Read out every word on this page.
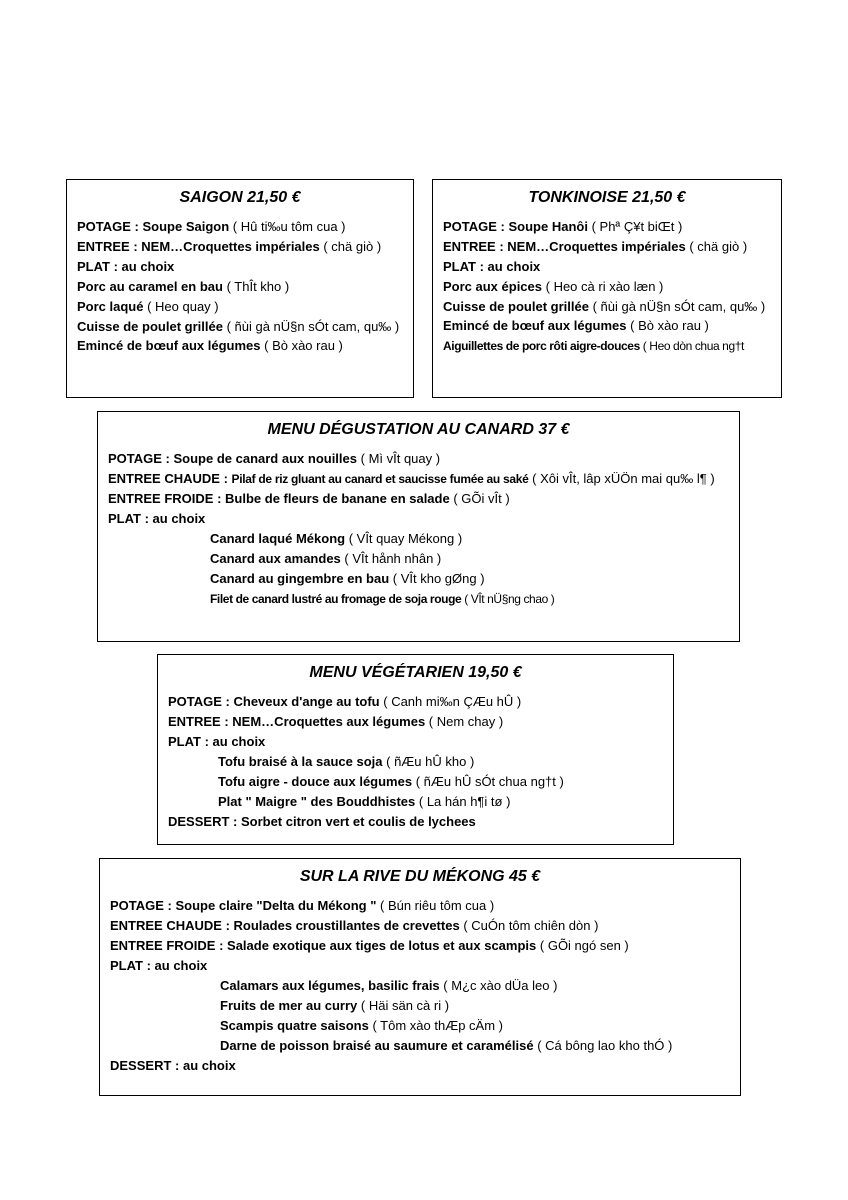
SAIGON 21,50 €
POTAGE : Soupe Saigon ( Hû ti‰u tôm cua )
ENTREE : NEM…Croquettes impériales ( chä giò )
PLAT : au choix
Porc au caramel en bau ( ThÎt kho )
Porc laqué ( Heo quay )
Cuisse de poulet grillée ( ñùi gà nÜ§n sÓt cam, qu‰ )
Emincé de bœuf aux légumes ( Bò xào rau )
TONKINOISE 21,50 €
POTAGE : Soupe Hanôi ( Phª Ç¥t biŒt )
ENTREE : NEM…Croquettes impériales ( chä giò )
PLAT : au choix
Porc aux épices ( Heo cà ri xào læn )
Cuisse de poulet grillée ( ñùi gà nÜ§n sÓt cam, qu‰ )
Emincé de bœuf aux légumes ( Bò xào rau )
Aiguillettes de porc rôti aigre-douces ( Heo dòn chua ng†t
MENU DÉGUSTATION AU CANARD 37 €
POTAGE : Soupe de canard aux nouilles ( Mì vÎt quay )
ENTREE CHAUDE : Pilaf de riz gluant au canard et saucisse fumée au saké ( Xôi vÎt, lâp xÜÖn mai qu‰ l¶ )
ENTREE FROIDE : Bulbe de fleurs de banane en salade ( GÕi vÎt )
PLAT : au choix
Canard laqué Mékong ( VÎt quay Mékong )
Canard aux amandes ( VÎt hånh nhân )
Canard au gingembre en bau ( VÎt kho gØng )
Filet de canard lustré au fromage de soja rouge ( VÎt nÜ§ng chao )
MENU VÉGÉTARIEN 19,50 €
POTAGE : Cheveux d'ange au tofu ( Canh mi‰n ÇÆu hÛ )
ENTREE : NEM…Croquettes aux légumes ( Nem chay )
PLAT : au choix
Tofu braisé à la sauce soja ( ñÆu hÛ kho )
Tofu aigre - douce aux légumes ( ñÆu hÛ sÓt chua ng†t )
Plat " Maigre " des Bouddhistes ( La hán h¶i tø )
DESSERT : Sorbet citron vert et coulis de lychees
SUR LA RIVE DU MÉKONG 45 €
POTAGE : Soupe claire "Delta du Mékong " ( Bún riêu tôm cua )
ENTREE CHAUDE : Roulades croustillantes de crevettes ( CuÓn tôm chiên dòn )
ENTREE FROIDE : Salade exotique aux tiges de lotus et aux scampis ( GÕi ngó sen )
PLAT : au choix
Calamars aux légumes, basilic frais ( M¿c xào dÜa leo )
Fruits de mer au curry ( Häi sän cà ri )
Scampis quatre saisons ( Tôm xào thÆp cÄm )
Darne de poisson braisé au saumure et caramélisé ( Cá bông lao kho thÓ )
DESSERT : au choix
